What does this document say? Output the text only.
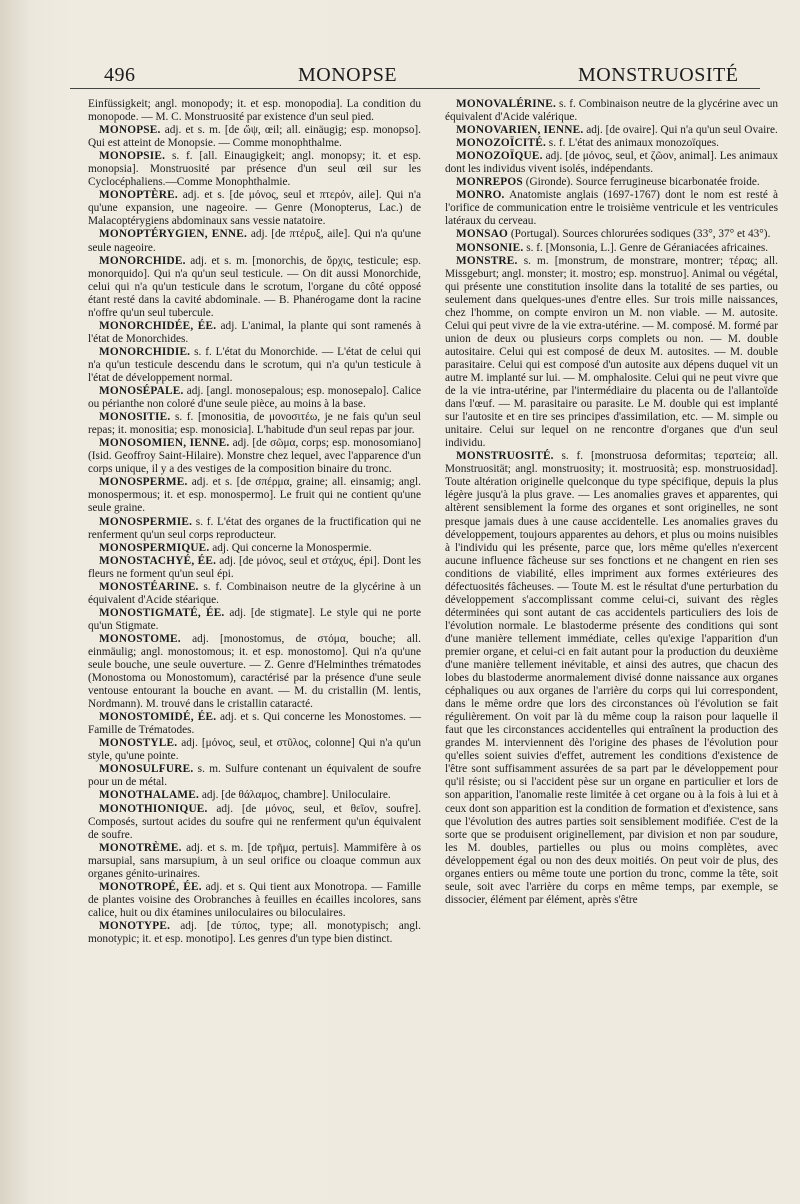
496	MONOPSE	MONSTRUOSITÉ

Einfüssigkeit; angl. monopody; it. et esp. monopodia]. La condition du monopode. — M. C. Monstruosité par existence d'un seul pied.

MONOPSE. adj. et s. m. [de ὤψ, œil; all. einäugig; esp. monopso]. Qui est atteint de Monopsie. — Comme monophthalme.

MONOPSIE. s. f. [all. Einaugigkeit; angl. monopsy; it. et esp. monopsia]. Monstruosité par présence d'un seul œil sur les Cyclocéphaliens.—Comme Monophthalmie.

MONOPTÈRE. adj. et s. [de μόνος, seul et πτερόν, aile]. Qui n'a qu'une expansion, une nageoire. — Genre (Monopterus, Lac.) de Malacoptérygiens abdominaux sans vessie natatoire.

MONOPTÉRYGIEN, ENNE. adj. [de πτέρυξ, aile]. Qui n'a qu'une seule nageoire.

MONORCHIDE. adj. et s. m. [monorchis, de ὄρχις, testicule; esp. monorquido]. Qui n'a qu'un seul testicule. — On dit aussi Monorchide, celui qui n'a qu'un testicule dans le scrotum, l'organe du côté opposé étant resté dans la cavité abdominale. — B. Phanérogame dont la racine n'offre qu'un seul tubercule.

MONORCHIDÉE, ÉE. adj. L'animal, la plante qui sont ramenés à l'état de Monorchides.

MONORCHIDIE. s. f. L'état du Monorchide. — L'état de celui qui n'a qu'un testicule descendu dans le scrotum, qui n'a qu'un testicule à l'état de développement normal.

MONOSÉPALE. adj. [angl. monosepalous; esp. monosepalo]. Calice ou périanthe non coloré d'une seule pièce, au moins à la base.

MONOSITIE. s. f. [monositia, de μονοσιτέω, je ne fais qu'un seul repas; it. monositia; esp. monosicia]. L'habitude d'un seul repas par jour.

MONOSOMIEN, IENNE. adj. [de σῶμα, corps; esp. monosomiano] (Isid. Geoffroy Saint-Hilaire). Monstre chez lequel, avec l'apparence d'un corps unique, il y a des vestiges de la composition binaire du tronc.

MONOSPERME. adj. et s. [de σπέρμα, graine; all. einsamig; angl. monospermous; it. et esp. monospermo]. Le fruit qui ne contient qu'une seule graine.

MONOSPERMIE. s. f. L'état des organes de la fructification qui ne renferment qu'un seul corps reproducteur.

MONOSPERMIQUE. adj. Qui concerne la Monospermie.

MONOSTACHYÉ, ÉE. adj. [de μόνος, seul et στάχυς, épi]. Dont les fleurs ne forment qu'un seul épi.

MONOSTÉARINE. s. f. Combinaison neutre de la glycérine à un équivalent d'Acide stéarique.

MONOSTIGMATÉ, ÉE. adj. [de stigmate]. Le style qui ne porte qu'un Stigmate.

MONOSTOME. adj. [monostomus, de στόμα, bouche; all. einmäulig; angl. monostomous; it. et esp. monostomo]. Qui n'a qu'une seule bouche, une seule ouverture. — Z. Genre d'Helminthes trématodes (Monostoma ou Monostomum), caractérisé par la présence d'une seule ventouse entourant la bouche en avant. — M. du cristallin (M. lentis, Nordmann). M. trouvé dans le cristallin cataracté.

MONOSTOMIDÉ, ÉE. adj. et s. Qui concerne les Monostomes. — Famille de Trématodes.

MONOSTYLE. adj. [μόνος, seul, et στῦλος, colonne] Qui n'a qu'un style, qu'une pointe.

MONOSULFURE. s. m. Sulfure contenant un équivalent de soufre pour un de métal.

MONOTHALAME. adj. [de θάλαμος, chambre]. Uniloculaire.

MONOTHIONIQUE. adj. [de μόνος, seul, et θεῖον, soufre]. Composés, surtout acides du soufre qui ne renferment qu'un équivalent de soufre.

MONOTRÈME. adj. et s. m. [de τρῆμα, pertuis]. Mammifère à os marsupial, sans marsupium, à un seul orifice ou cloaque commun aux organes génito-urinaires.

MONOTROPÉ, ÉE. adj. et s. Qui tient aux Monotropa. — Famille de plantes voisine des Orobranches à feuilles en écailles incolores, sans calice, huit ou dix étamines uniloculaires ou biloculaires.

MONOTYPE. adj. [de τύπος, type; all. monotypisch; angl. monotypic; it. et esp. monotipo]. Les genres d'un type bien distinct.

MONOVALÉRINE. s. f. Combinaison neutre de la glycérine avec un équivalent d'Acide valérique.

MONOVARIEN, IENNE. adj. [de ovaire]. Qui n'a qu'un seul Ovaire.

MONOZOÏCITÉ. s. f. L'état des animaux monozoïques.

MONOZOÏQUE. adj. [de μόνος, seul, et ζῶον, animal]. Les animaux dont les individus vivent isolés, indépendants.

MONREPOS (Gironde). Source ferrugineuse bicarbonatée froide.

MONRO. Anatomiste anglais (1697-1767) dont le nom est resté à l'orifice de communication entre le troisième ventricule et les ventricules latéraux du cerveau.

MONSAO (Portugal). Sources chlorurées sodiques (33°, 37° et 43°).

MONSONIE. s. f. [Monsonia, L.]. Genre de Géraniacées africaines.

MONSTRE. s. m. [monstrum, de monstrare, montrer; τέρας; all. Missgeburt; angl. monster; it. mostro; esp. monstruo]. Animal ou végétal, qui présente une constitution insolite dans la totalité de ses parties, ou seulement dans quelques-unes d'entre elles. Sur trois mille naissances, chez l'homme, on compte environ un M. non viable. — M. autosite. Celui qui peut vivre de la vie extra-utérine. — M. composé. M. formé par union de deux ou plusieurs corps complets ou non. — M. double autositaire. Celui qui est composé de deux M. autosites. — M. double parasitaire. Celui qui est composé d'un autosite aux dépens duquel vit un autre M. implanté sur lui. — M. omphalosite. Celui qui ne peut vivre que de la vie intra-utérine, par l'intermédiaire du placenta ou de l'allantoïde dans l'œuf. — M. parasitaire ou parasite. Le M. double qui est implanté sur l'autosite et en tire ses principes d'assimilation, etc. — M. simple ou unitaire. Celui sur lequel on ne rencontre d'organes que d'un seul individu.

MONSTRUOSITÉ. s. f. [monstruosa deformitas; τερατεία; all. Monstruosität; angl. monstruosity; it. mostruosità; esp. monstruosidad]. Toute altération originelle quelconque du type spécifique, depuis la plus légère jusqu'à la plus grave. — Les anomalies graves et apparentes, qui altèrent sensiblement la forme des organes et sont originelles, ne sont presque jamais dues à une cause accidentelle. Les anomalies graves du développement, toujours apparentes au dehors, et plus ou moins nuisibles à l'individu qui les présente, parce que, lors même qu'elles n'exercent aucune influence fâcheuse sur ses fonctions et ne changent en rien ses conditions de viabilité, elles impriment aux formes extérieures des défectuosités fâcheuses. — Toute M. est le résultat d'une perturbation du développement s'accomplissant comme celui-ci, suivant des règles déterminées qui sont autant de cas accidentels particuliers des lois de l'évolution normale. Le blastoderme présente des conditions qui sont d'une manière tellement immédiate, celles qu'exige l'apparition d'un premier organe, et celui-ci en fait autant pour la production du deuxième d'une manière tellement inévitable, et ainsi des autres, que chacun des lobes du blastoderme anormalement divisé donne naissance aux organes céphaliques ou aux organes de l'arrière du corps qui lui correspondent, dans le même ordre que lors des circonstances où l'évolution se fait régulièrement. On voit par là du même coup la raison pour laquelle il faut que les circonstances accidentelles qui entraînent la production des grandes M. interviennent dès l'origine des phases de l'évolution pour qu'elles soient suivies d'effet, autrement les conditions d'existence de l'être sont suffisamment assurées de sa part par le développement pour qu'il résiste; ou si l'accident pèse sur un organe en particulier et lors de son apparition, l'anomalie reste limitée à cet organe ou à la fois à lui et à ceux dont son apparition est la condition de formation et d'existence, sans que l'évolution des autres parties soit sensiblement modifiée. C'est de la sorte que se produisent originellement, par division et non par soudure, les M. doubles, partielles ou plus ou moins complètes, avec développement égal ou non des deux moitiés. On peut voir de plus, des organes entiers ou même toute une portion du tronc, comme la tête, soit seule, soit avec l'arrière du corps en même temps, par exemple, se dissocier, élément par élément, après s'être
